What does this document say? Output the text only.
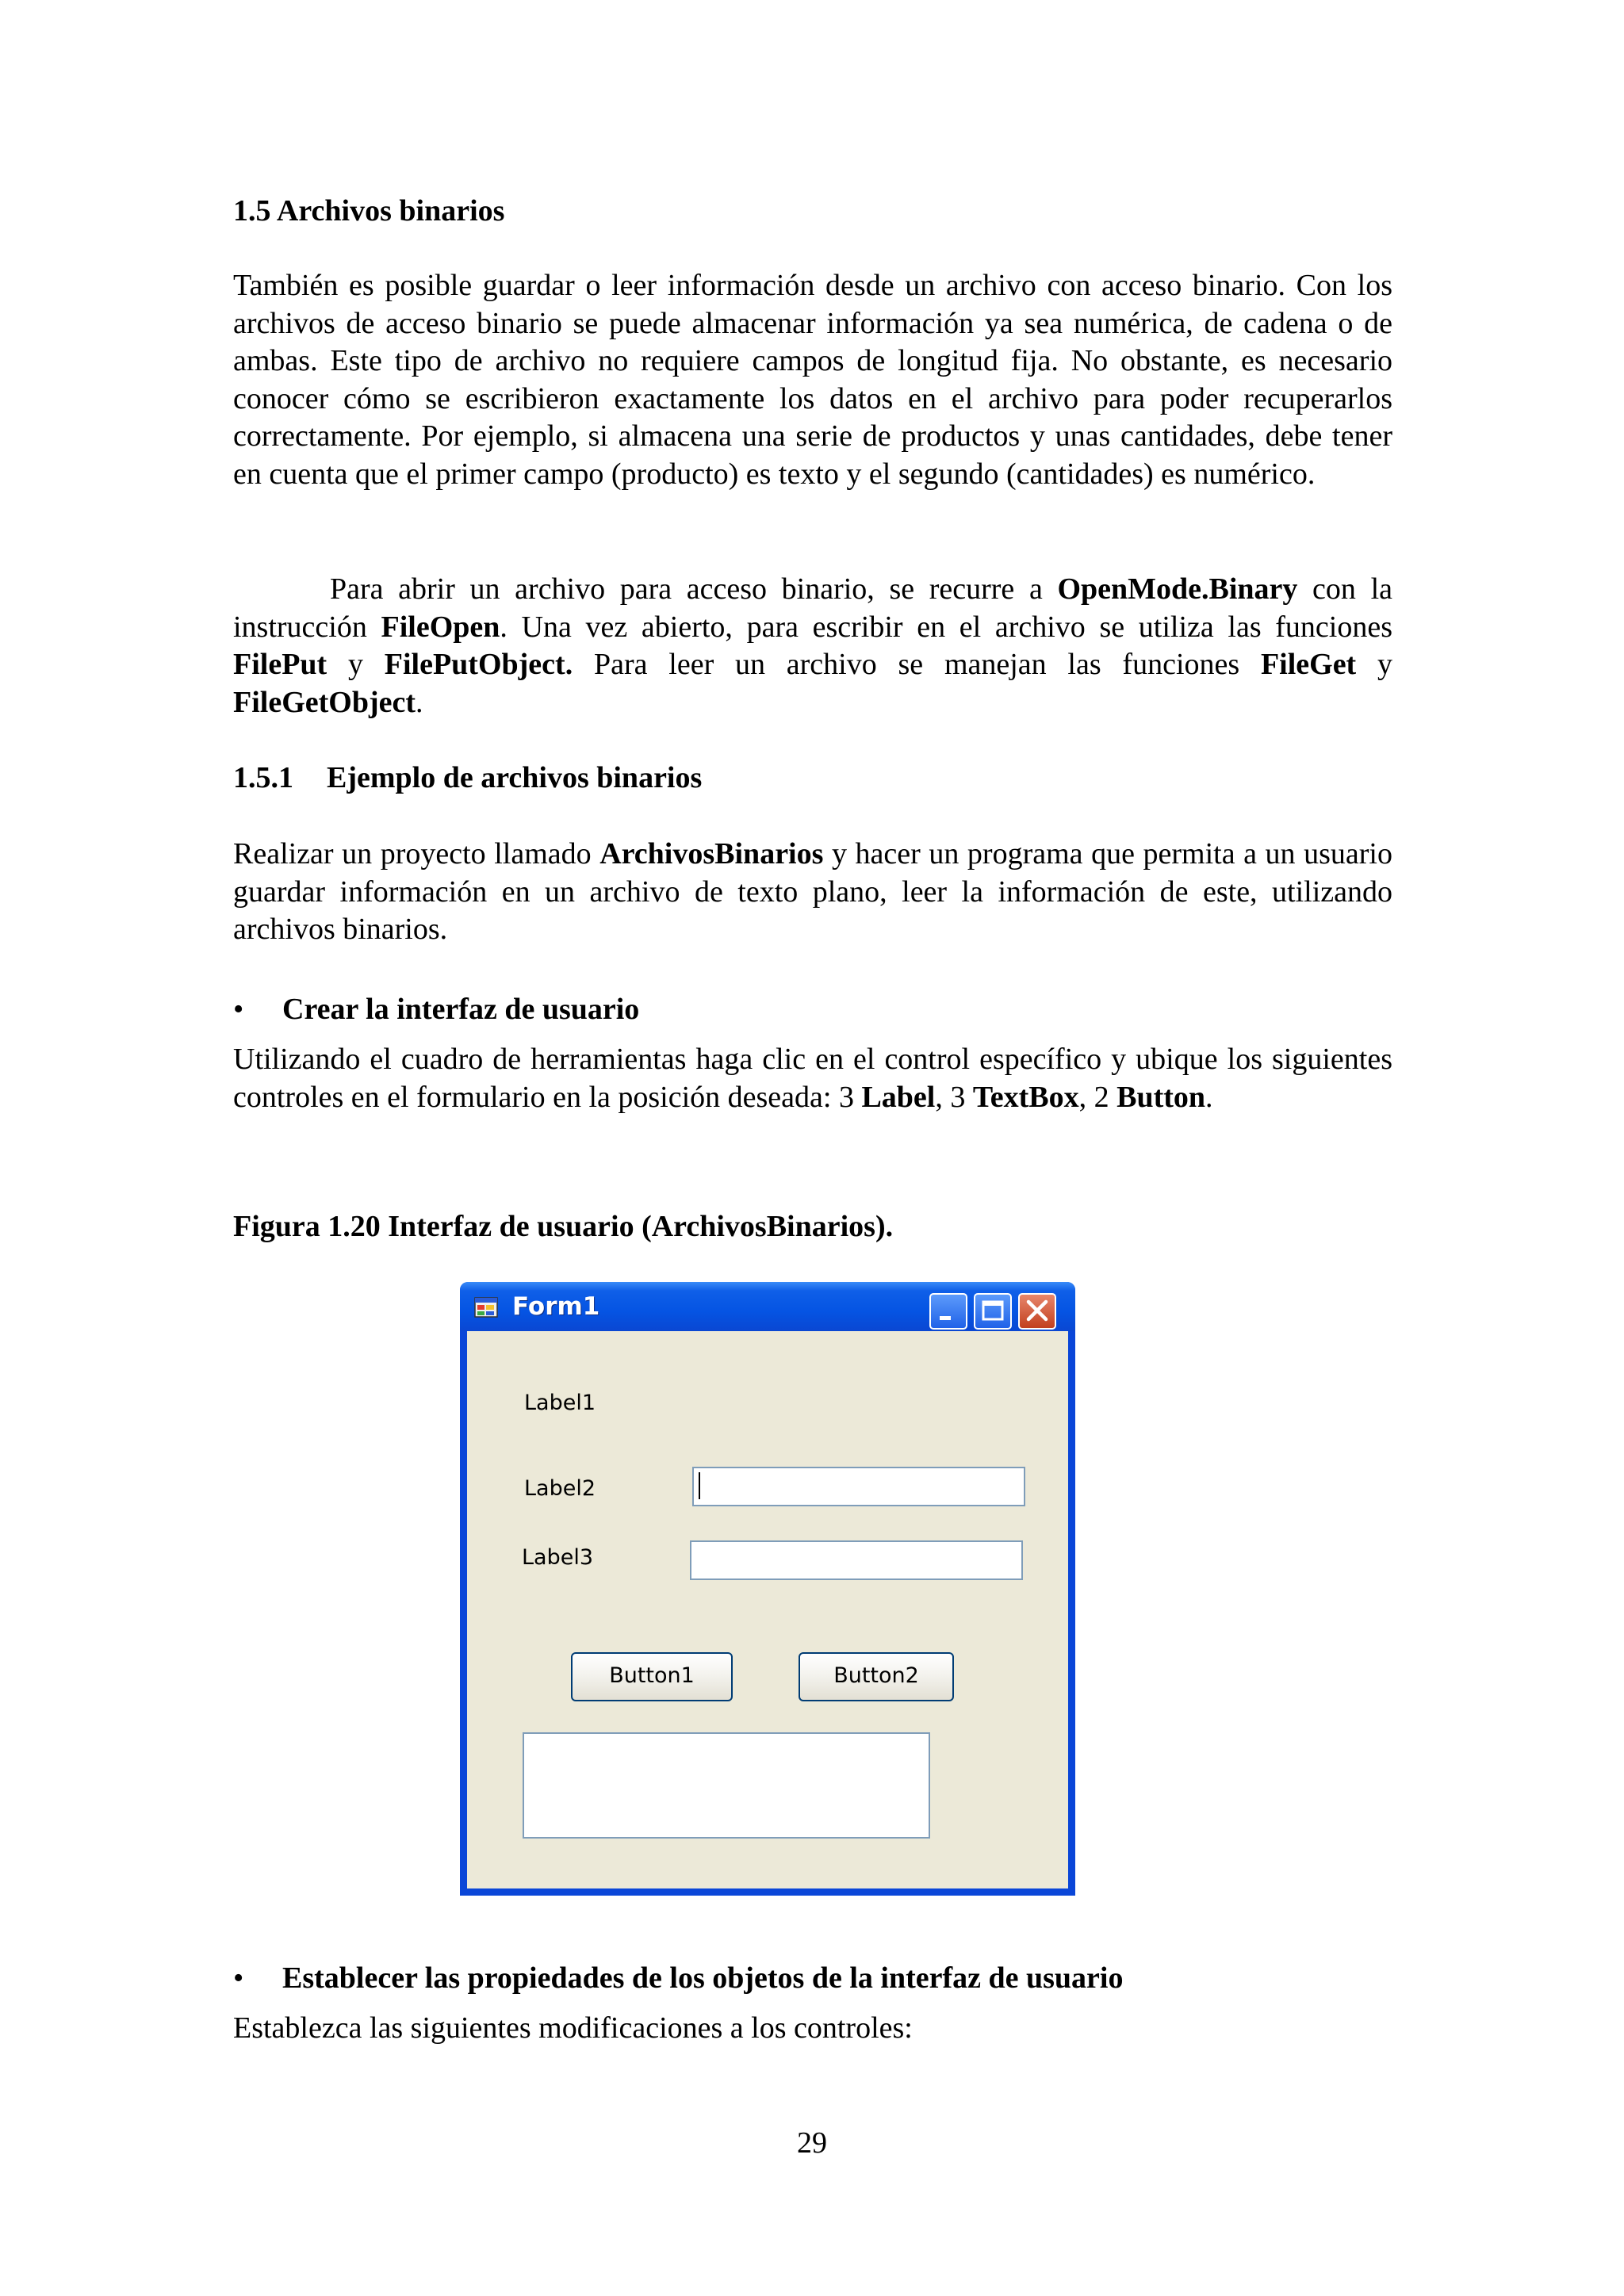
1.5 Archivos binarios
También es posible guardar o leer información desde un archivo con acceso binario. Con los archivos de acceso binario se puede almacenar información ya sea numérica, de cadena o de ambas. Este tipo de archivo no requiere campos de longitud fija. No obstante, es necesario conocer cómo se escribieron exactamente los datos en el archivo para poder recuperarlos correctamente. Por ejemplo, si almacena una serie de productos y unas cantidades, debe tener en cuenta que el primer campo (producto) es texto y el segundo (cantidades) es numérico.
Para abrir un archivo para acceso binario, se recurre a OpenMode.Binary con la instrucción FileOpen. Una vez abierto, para escribir en el archivo se utiliza las funciones FilePut y FilePutObject. Para leer un archivo se manejan las funciones FileGet y FileGetObject.
1.5.1 Ejemplo de archivos binarios
Realizar un proyecto llamado ArchivosBinarios y hacer un programa que permita a un usuario guardar información en un archivo de texto plano, leer la información de este, utilizando archivos binarios.
• Crear la interfaz de usuario
Utilizando el cuadro de herramientas haga clic en el control específico y ubique los siguientes controles en el formulario en la posición deseada: 3 Label, 3 TextBox, 2 Button.
Figura 1.20 Interfaz de usuario (ArchivosBinarios).
Form1
Label1
Label2
Label3
Button1	Button2
• Establecer las propiedades de los objetos de la interfaz de usuario
Establezca las siguientes modificaciones a los controles:
29
